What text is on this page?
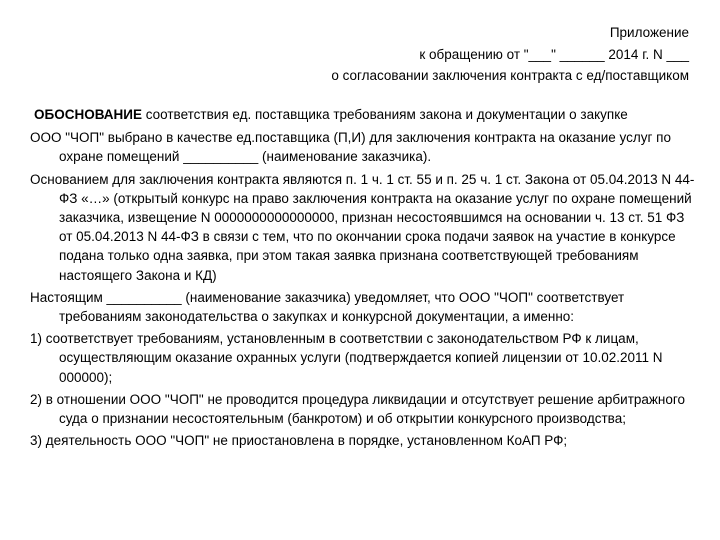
Приложение
к обращению от "___" ______ 2014 г. N ___
о согласовании заключения контракта с ед/поставщиком

ОБОСНОВАНИЕ соответствия ед. поставщика требованиям закона и документации о закупке

ООО "ЧОП" выбрано в качестве ед.поставщика (П,И) для заключения контракта на оказание услуг по охране помещений __________ (наименование заказчика).

Основанием для заключения контракта являются п. 1 ч. 1 ст. 55 и п. 25 ч. 1 ст. Закона от 05.04.2013 N 44-ФЗ «…» (открытый конкурс на право заключения контракта на оказание услуг по охране помещений заказчика, извещение N 0000000000000000, признан несостоявшимся на основании ч. 13 ст. 51 ФЗ от 05.04.2013 N 44-ФЗ в связи с тем, что по окончании срока подачи заявок на участие в конкурсе подана только одна заявка, при этом такая заявка признана соответствующей требованиям настоящего Закона и КД)

Настоящим __________ (наименование заказчика) уведомляет, что ООО "ЧОП" соответствует требованиям законодательства о закупках и конкурсной документации, а именно:

1) соответствует требованиям, установленным в соответствии с законодательством РФ к лицам, осуществляющим оказание охранных услуги (подтверждается копией лицензии от 10.02.2011 N 000000);

2) в отношении ООО "ЧОП" не проводится процедура ликвидации и отсутствует решение арбитражного суда о признании несостоятельным (банкротом) и об открытии конкурсного производства;

3) деятельность ООО "ЧОП" не приостановлена в порядке, установленном КоАП РФ;
